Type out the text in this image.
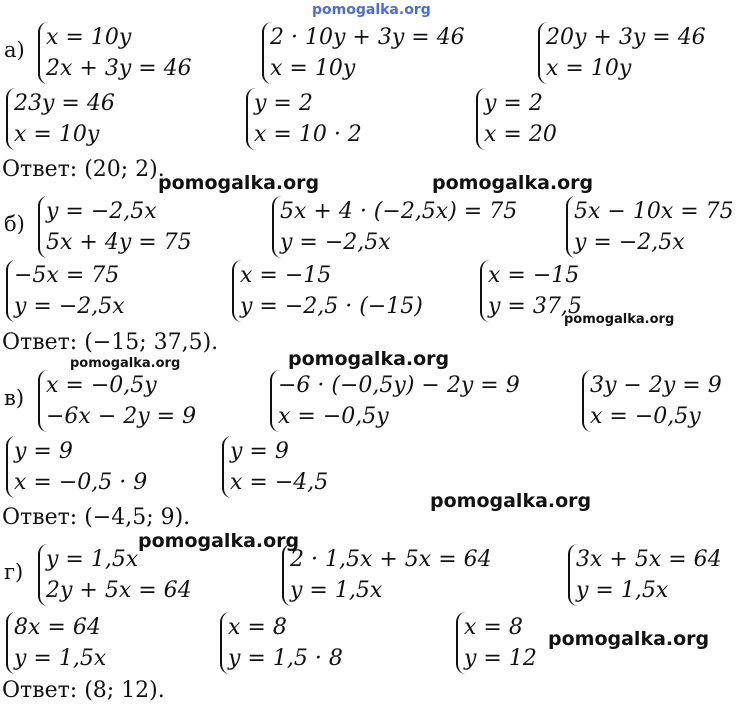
pomogalka.org
а) x = 10y
2x + 3y = 46
2 · 10y + 3y = 46
x = 10y
20y + 3y = 46
x = 10y
23y = 46
x = 10y
y = 2
x = 10 · 2
y = 2
x = 20
Ответ: (20; 2).
pomogalka.org	pomogalka.org
б) y = −2,5x
5x + 4y = 75
5x + 4 · (−2,5x) = 75
y = −2,5x
5x − 10x = 75
y = −2,5x
−5x = 75
y = −2,5x
x = −15
y = −2,5 · (−15)
x = −15
y = 37,5
pomogalka.org
Ответ: (−15; 37,5).
pomogalka.org	pomogalka.org
в) x = −0,5y
−6x − 2y = 9
−6 · (−0,5y) − 2y = 9
x = −0,5y
3y − 2y = 9
x = −0,5y
y = 9
x = −0,5 · 9
y = 9
x = −4,5
pomogalka.org
Ответ: (−4,5; 9).
pomogalka.org
г) y = 1,5x
2y + 5x = 64
2 · 1,5x + 5x = 64
y = 1,5x
3x + 5x = 64
y = 1,5x
8x = 64
y = 1,5x
x = 8
y = 1,5 · 8
x = 8
y = 12
pomogalka.org
Ответ: (8; 12).
